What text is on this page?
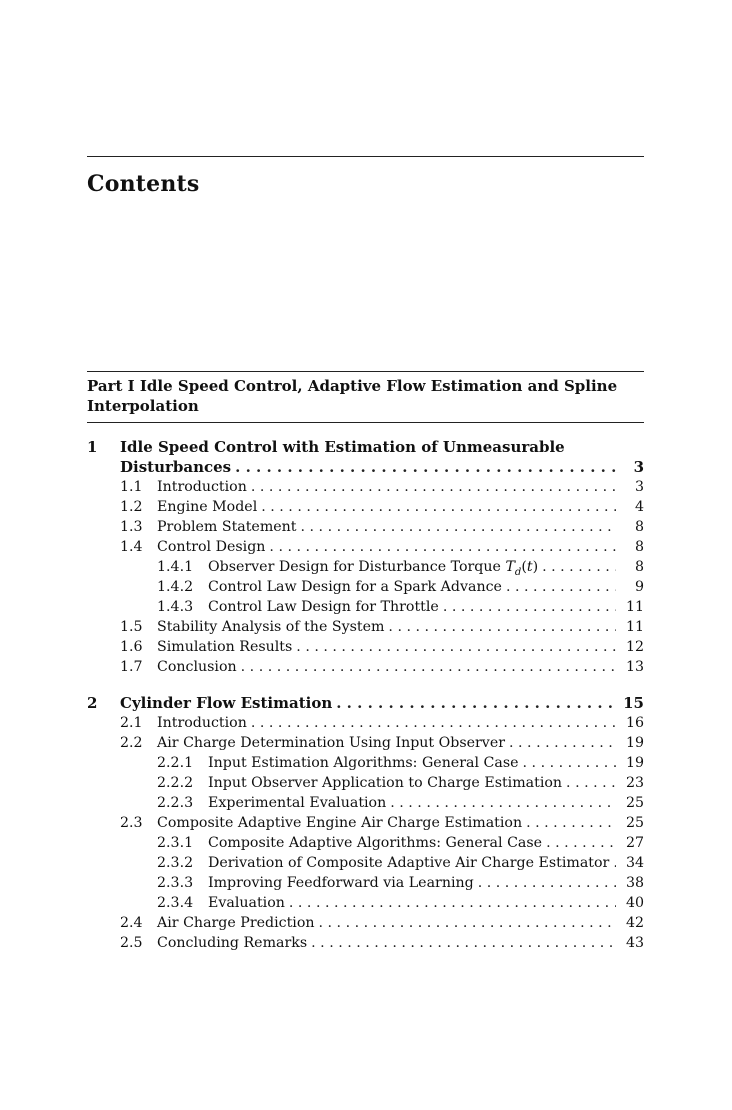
Contents
Part I Idle Speed Control, Adaptive Flow Estimation and Spline Interpolation
1 Idle Speed Control with Estimation of Unmeasurable
Disturbances . . .	3
1.1 Introduction . . .	3
1.2 Engine Model . . .	4
1.3 Problem Statement . . .	8
1.4 Control Design . . .	8
1.4.1 Observer Design for Disturbance Torque $T_d(t)$ . . .	8
1.4.2 Control Law Design for a Spark Advance . . .	9
1.4.3 Control Law Design for Throttle . . .	11
1.5 Stability Analysis of the System . . .	11
1.6 Simulation Results . . .	12
1.7 Conclusion . . .	13
2 Cylinder Flow Estimation . . .	15
2.1 Introduction . . .	16
2.2 Air Charge Determination Using Input Observer . . .	19
2.2.1 Input Estimation Algorithms: General Case . . .	19
2.2.2 Input Observer Application to Charge Estimation . . .	23
2.2.3 Experimental Evaluation . . .	25
2.3 Composite Adaptive Engine Air Charge Estimation . . .	25
2.3.1 Composite Adaptive Algorithms: General Case . . .	27
2.3.2 Derivation of Composite Adaptive Air Charge Estimator . . .	34
2.3.3 Improving Feedforward via Learning . . .	38
2.3.4 Evaluation . . .	40
2.4 Air Charge Prediction . . .	42
2.5 Concluding Remarks . . .	43
